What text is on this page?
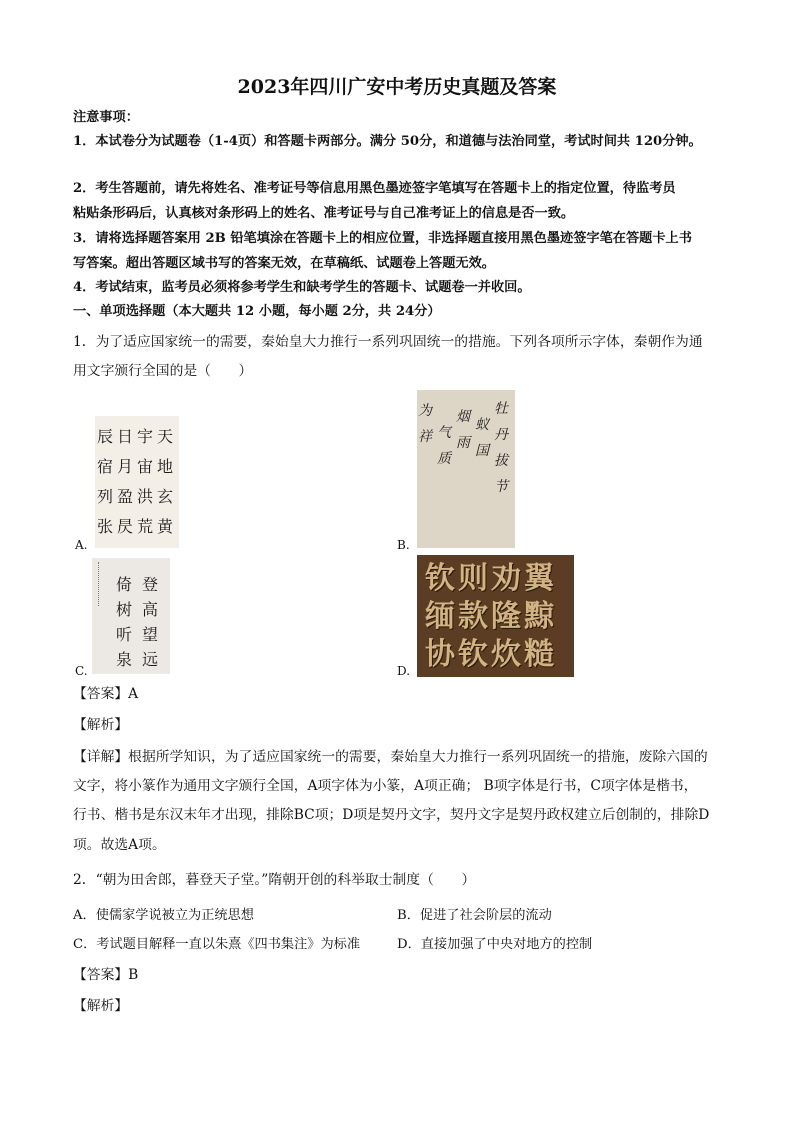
2023年四川广安中考历史真题及答案
注意事项：
1．本试卷分为试题卷（1-4页）和答题卡两部分。满分 50分，和道德与法治同堂，考试时间共 120分钟。
2．考生答题前，请先将姓名、准考证号等信息用黑色墨迹签字笔填写在答题卡上的指定位置，待监考员
粘贴条形码后，认真核对条形码上的姓名、准考证号与自己准考证上的信息是否一致。
3．请将选择题答案用 2B 铅笔填涂在答题卡上的相应位置，非选择题直接用黑色墨迹签字笔在答题卡上书
写答案。超出答题区域书写的答案无效，在草稿纸、试题卷上答题无效。
4．考试结束，监考员必须将参考学生和缺考学生的答题卡、试题卷一并收回。
一、单项选择题（本大题共 12 小题，每小题 2分，共 24分）
1．为了适应国家统一的需要，秦始皇大力推行一系列巩固统一的措施。下列各项所示字体，秦朝作为通
用文字颁行全国的是（　　）
天地玄黄
宇宙洪荒
日月盈昃
辰宿列张
A.
牡丹拔节
蚁国
烟雨
气质
为祥
B.
登高望远
倚树听泉
C.
钦则劝翼
缅款隆黥
协钦炊糙
D.
【答案】A
【解析】
【详解】根据所学知识，为了适应国家统一的需要，秦始皇大力推行一系列巩固统一的措施，废除六国的
文字，将小篆作为通用文字颁行全国，A项字体为小篆，A项正确； B项字体是行书，C项字体是楷书，
行书、楷书是东汉末年才出现，排除BC项；D项是契丹文字，契丹文字是契丹政权建立后创制的，排除D
项。故选A项。
2．“朝为田舍郎，暮登天子堂。”隋朝开创的科举取士制度（　　）
A．使儒家学说被立为正统思想	B．促进了社会阶层的流动
C．考试题目解释一直以朱熹《四书集注》为标准	D．直接加强了中央对地方的控制
【答案】B
【解析】
